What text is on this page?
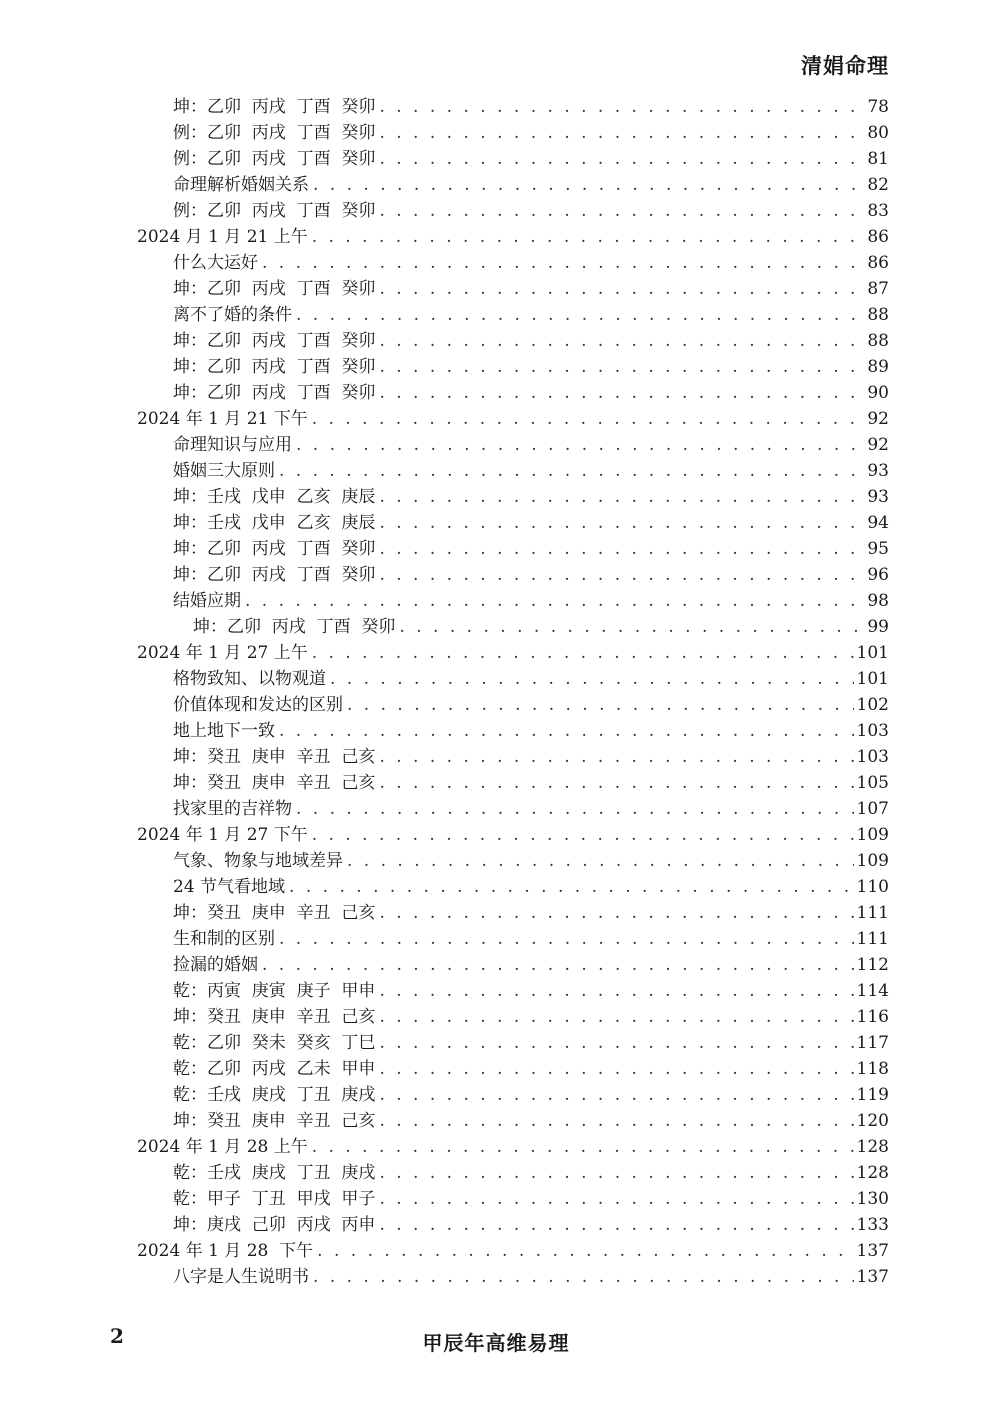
清娟命理
坤：乙卯  丙戌  丁酉  癸卯 . . .	78
例：乙卯  丙戌  丁酉  癸卯 . . .	80
例：乙卯  丙戌  丁酉  癸卯 . . .	81
命理解析婚姻关系 . . .	82
例：乙卯  丙戌  丁酉  癸卯 . . .	83
2024 月 1 月 21 上午 . . .	86
什么大运好 . . .	86
坤：乙卯  丙戌  丁酉  癸卯 . . .	87
离不了婚的条件 . . .	88
坤：乙卯  丙戌  丁酉  癸卯 . . .	88
坤：乙卯  丙戌  丁酉  癸卯 . . .	89
坤：乙卯  丙戌  丁酉  癸卯 . . .	90
2024 年 1 月 21 下午 . . .	92
命理知识与应用 . . .	92
婚姻三大原则 . . .	93
坤：壬戌  戊申  乙亥  庚辰 . . .	93
坤：壬戌  戊申  乙亥  庚辰 . . .	94
坤：乙卯  丙戌  丁酉  癸卯 . . .	95
坤：乙卯  丙戌  丁酉  癸卯 . . .	96
结婚应期 . . .	98
坤：乙卯  丙戌  丁酉  癸卯 . . .	99
2024 年 1 月 27 上午 . . .	101
格物致知、以物观道 . . .	101
价值体现和发达的区别 . . .	102
地上地下一致 . . .	103
坤：癸丑  庚申  辛丑  己亥 . . .	103
坤：癸丑  庚申  辛丑  己亥 . . .	105
找家里的吉祥物 . . .	107
2024 年 1 月 27 下午 . . .	109
气象、物象与地域差异 . . .	109
24 节气看地域 . . .	110
坤：癸丑  庚申  辛丑  己亥 . . .	111
生和制的区别 . . .	111
捡漏的婚姻 . . .	112
乾：丙寅  庚寅  庚子  甲申 . . .	114
坤：癸丑  庚申  辛丑  己亥 . . .	116
乾：乙卯  癸未  癸亥  丁巳 . . .	117
乾：乙卯  丙戌  乙未  甲申 . . .	118
乾：壬戌  庚戌  丁丑  庚戌 . . .	119
坤：癸丑  庚申  辛丑  己亥 . . .	120
2024 年 1 月 28 上午 . . .	128
乾：壬戌  庚戌  丁丑  庚戌 . . .	128
乾：甲子  丁丑  甲戌  甲子 . . .	130
坤：庚戌  己卯  丙戌  丙申 . . .	133
2024 年 1 月 28  下午 . . .	137
八字是人生说明书 . . .	137
2	甲辰年高维易理
